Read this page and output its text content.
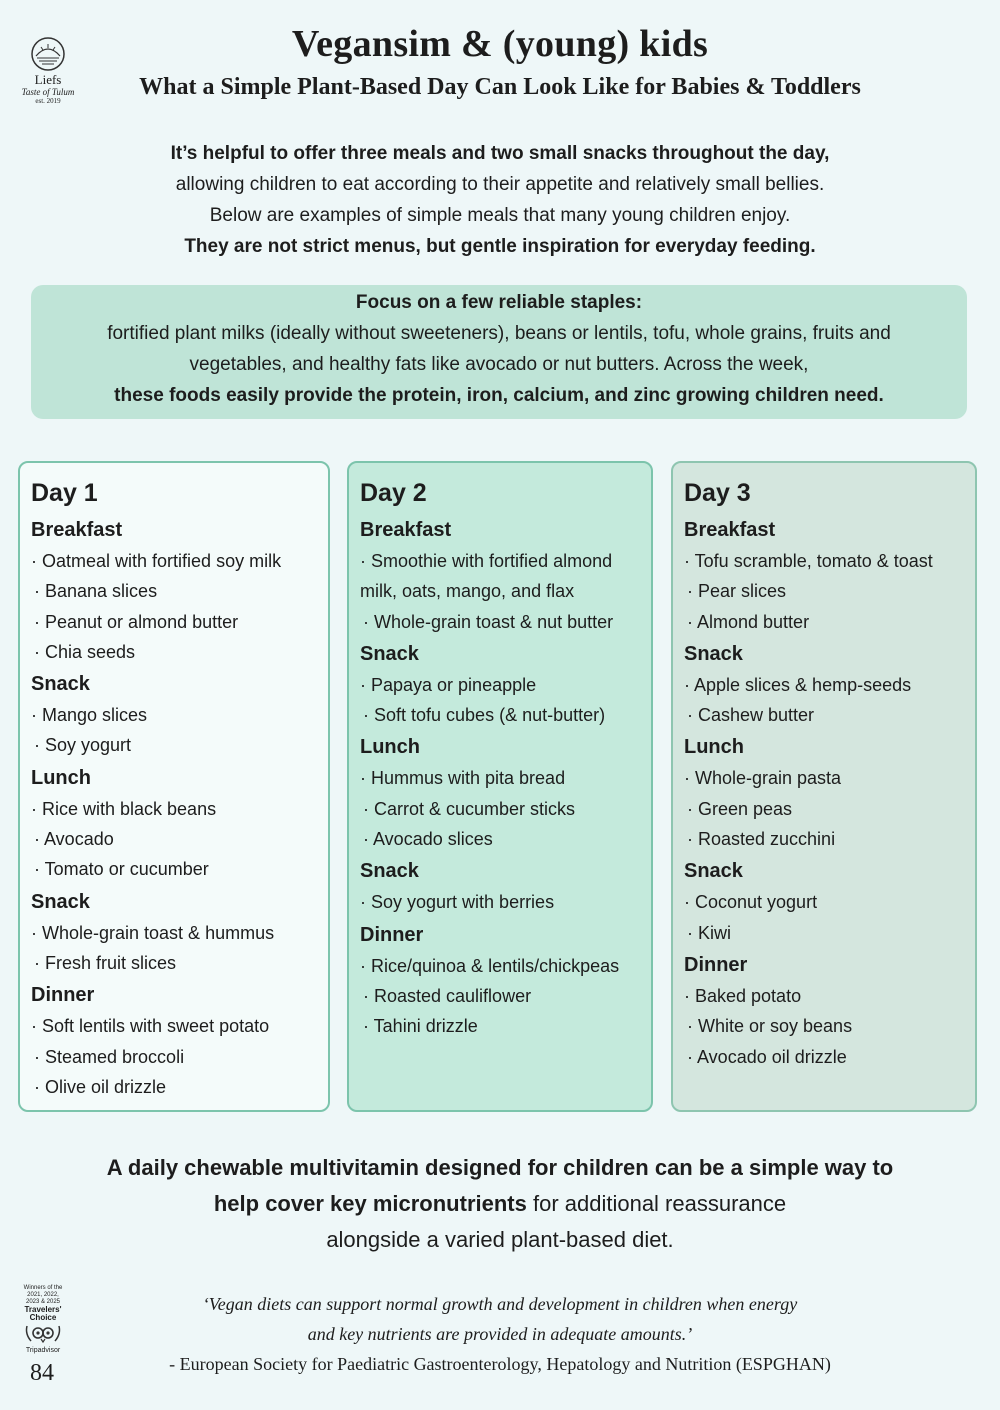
Liefs
Taste of Tulum
est. 2019
Vegansim & (young) kids
What a Simple Plant-Based Day Can Look Like for Babies & Toddlers

It’s helpful to offer three meals and two small snacks throughout the day,

allowing children to eat according to their appetite and relatively small bellies.

Below are examples of simple meals that many young children enjoy.

They are not strict menus, but gentle inspiration for everyday feeding.

Focus on a few reliable staples:

fortified plant milks (ideally without sweeteners), beans or lentils, tofu, whole grains, fruits and

vegetables, and healthy fats like avocado or nut butters. Across the week,

these foods easily provide the protein, iron, calcium, and zinc growing children need.

Day 1
Breakfast
· Oatmeal with fortified soy milk
· Banana slices
· Peanut or almond butter
· Chia seeds
Snack
· Mango slices
· Soy yogurt
Lunch
· Rice with black beans
· Avocado
· Tomato or cucumber
Snack
· Whole-grain toast & hummus
· Fresh fruit slices
Dinner
· Soft lentils with sweet potato
· Steamed broccoli
· Olive oil drizzle
Day 2
Breakfast
· Smoothie with fortified almond milk, oats, mango, and flax
· Whole-grain toast & nut butter
Snack
· Papaya or pineapple
· Soft tofu cubes (& nut-butter)
Lunch
· Hummus with pita bread
· Carrot & cucumber sticks
· Avocado slices
Snack
· Soy yogurt with berries
Dinner
· Rice/quinoa & lentils/chickpeas
· Roasted cauliflower
· Tahini drizzle
Day 3
Breakfast
· Tofu scramble, tomato & toast
· Pear slices
· Almond butter
Snack
· Apple slices & hemp-seeds
· Cashew butter
Lunch
· Whole-grain pasta
· Green peas
· Roasted zucchini
Snack
· Coconut yogurt
· Kiwi
Dinner
· Baked potato
· White or soy beans
· Avocado oil drizzle

A daily chewable multivitamin designed for children can be a simple way to

help cover key micronutrients for additional reassurance

alongside a varied plant-based diet.

‘Vegan diets can support normal growth and development in children when energy

and key nutrients are provided in adequate amounts.’

- European Society for Paediatric Gastroenterology, Hepatology and Nutrition (ESPGHAN)

Winners of the 2021, 2022, 2023 & 2025
Travelers' Choice
Tripadvisor
84
